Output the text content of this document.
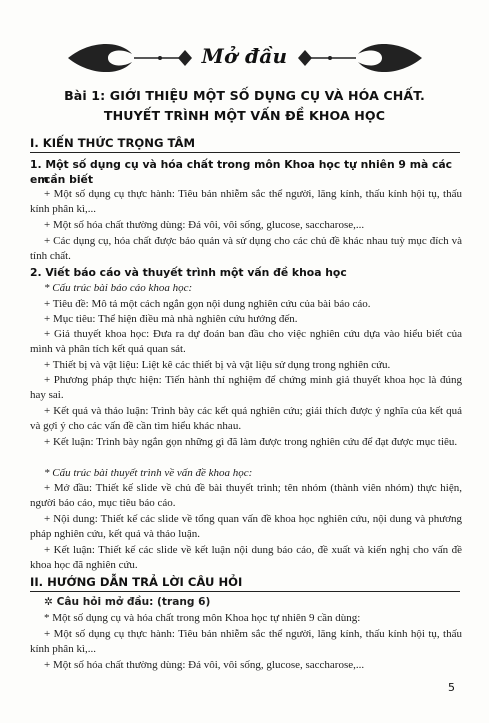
Mở đầu
Bài 1: GIỚI THIỆU MỘT SỐ DỤNG CỤ VÀ HÓA CHẤT.
THUYẾT TRÌNH MỘT VẤN ĐỀ KHOA HỌC
I. KIẾN THỨC TRỌNG TÂM
1. Một số dụng cụ và hóa chất trong môn Khoa học tự nhiên 9 mà các em
cần biết
+ Một số dụng cụ thực hành: Tiêu bản nhiễm sắc thể người, lăng kính, thấu kính hội tụ, thấu kính phân kì,...
+ Một số hóa chất thường dùng: Đá vôi, vôi sống, glucose, saccharose,...
+ Các dụng cụ, hóa chất được bảo quản và sử dụng cho các chủ đề khác nhau tuỳ mục đích và tính chất.
2. Viết báo cáo và thuyết trình một vấn đề khoa học
* Cấu trúc bài báo cáo khoa học:
+ Tiêu đề: Mô tả một cách ngắn gọn nội dung nghiên cứu của bài báo cáo.
+ Mục tiêu: Thể hiện điều mà nhà nghiên cứu hướng đến.
+ Giả thuyết khoa học: Đưa ra dự đoán ban đầu cho việc nghiên cứu dựa vào hiểu biết của mình và phân tích kết quả quan sát.
+ Thiết bị và vật liệu: Liệt kê các thiết bị và vật liệu sử dụng trong nghiên cứu.
+ Phương pháp thực hiện: Tiến hành thí nghiệm để chứng minh giả thuyết khoa học là đúng hay sai.
+ Kết quả và thảo luận: Trình bày các kết quả nghiên cứu; giải thích được ý nghĩa của kết quả và gợi ý cho các vấn đề cần tìm hiểu khác nhau.
+ Kết luận: Trình bày ngắn gọn những gì đã làm được trong nghiên cứu để đạt được mục tiêu.
* Cấu trúc bài thuyết trình về vấn đề khoa học:
+ Mở đầu: Thiết kế slide về chủ đề bài thuyết trình; tên nhóm (thành viên nhóm) thực hiện, người báo cáo, mục tiêu báo cáo.
+ Nội dung: Thiết kế các slide về tổng quan vấn đề khoa học nghiên cứu, nội dung và phương pháp nghiên cứu, kết quả và thảo luận.
+ Kết luận: Thiết kế các slide về kết luận nội dung báo cáo, đề xuất và kiến nghị cho vấn đề khoa học đã nghiên cứu.
II. HƯỚNG DẪN TRẢ LỜI CÂU HỎI
✲ Câu hỏi mở đầu: (trang 6)
* Một số dụng cụ và hóa chất trong môn Khoa học tự nhiên 9 cần dùng:
+ Một số dụng cụ thực hành: Tiêu bản nhiễm sắc thể người, lăng kính, thấu kính hội tụ, thấu kính phân kì,...
+ Một số hóa chất thường dùng: Đá vôi, vôi sống, glucose, saccharose,...
5
